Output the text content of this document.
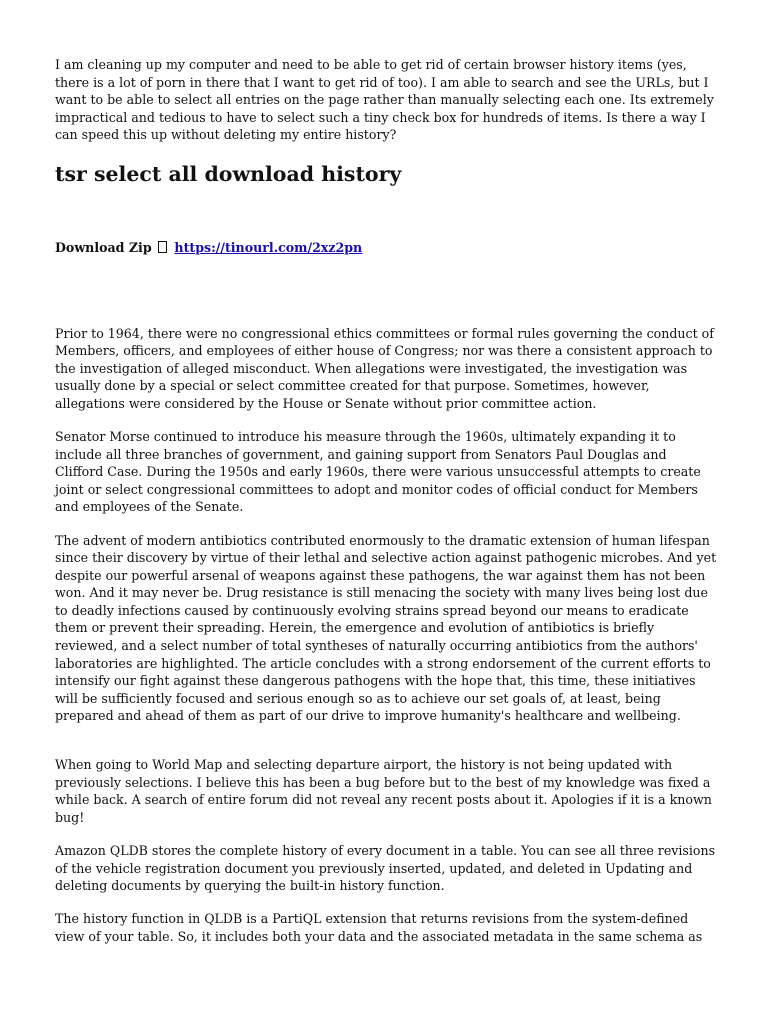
I am cleaning up my computer and need to be able to get rid of certain browser history items (yes, there is a lot of porn in there that I want to get rid of too). I am able to search and see the URLs, but I want to be able to select all entries on the page rather than manually selecting each one. Its extremely impractical and tedious to have to select such a tiny check box for hundreds of items. Is there a way I can speed this up without deleting my entire history?

tsr select all download history
Download Zip https://tinourl.com/2xz2pn

Prior to 1964, there were no congressional ethics committees or formal rules governing the conduct of Members, officers, and employees of either house of Congress; nor was there a consistent approach to the investigation of alleged misconduct. When allegations were investigated, the investigation was usually done by a special or select committee created for that purpose. Sometimes, however, allegations were considered by the House or Senate without prior committee action.

Senator Morse continued to introduce his measure through the 1960s, ultimately expanding it to include all three branches of government, and gaining support from Senators Paul Douglas and Clifford Case. During the 1950s and early 1960s, there were various unsuccessful attempts to create joint or select congressional committees to adopt and monitor codes of official conduct for Members and employees of the Senate.

The advent of modern antibiotics contributed enormously to the dramatic extension of human lifespan since their discovery by virtue of their lethal and selective action against pathogenic microbes. And yet despite our powerful arsenal of weapons against these pathogens, the war against them has not been won. And it may never be. Drug resistance is still menacing the society with many lives being lost due to deadly infections caused by continuously evolving strains spread beyond our means to eradicate them or prevent their spreading. Herein, the emergence and evolution of antibiotics is briefly reviewed, and a select number of total syntheses of naturally occurring antibiotics from the authors' laboratories are highlighted. The article concludes with a strong endorsement of the current efforts to intensify our fight against these dangerous pathogens with the hope that, this time, these initiatives will be sufficiently focused and serious enough so as to achieve our set goals of, at least, being prepared and ahead of them as part of our drive to improve humanity's healthcare and wellbeing.

When going to World Map and selecting departure airport, the history is not being updated with previously selections. I believe this has been a bug before but to the best of my knowledge was fixed a while back. A search of entire forum did not reveal any recent posts about it. Apologies if it is a known bug!

Amazon QLDB stores the complete history of every document in a table. You can see all three revisions of the vehicle registration document you previously inserted, updated, and deleted in Updating and deleting documents by querying the built-in history function.

The history function in QLDB is a PartiQL extension that returns revisions from the system-defined view of your table. So, it includes both your data and the associated metadata in the same schema as
